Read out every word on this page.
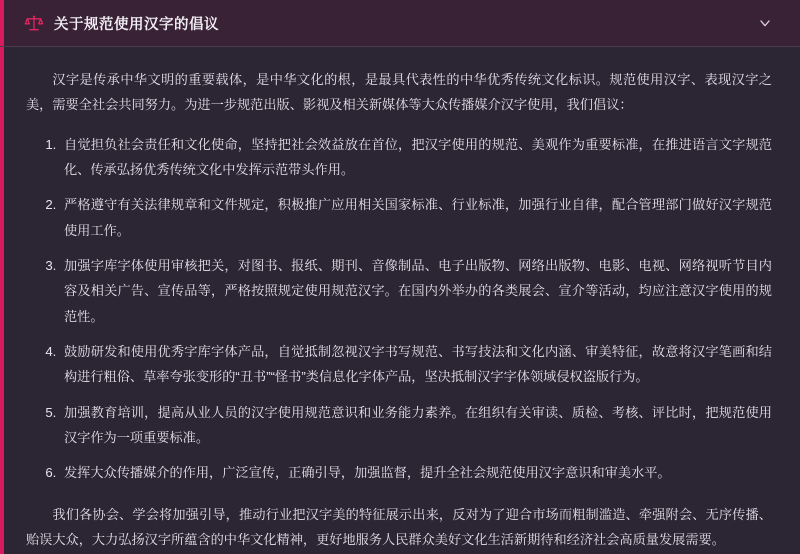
关于规范使用汉字的倡议

汉字是传承中华文明的重要载体，是中华文化的根，是最具代表性的中华优秀传统文化标识。规范使用汉字、表现汉字之美，需要全社会共同努力。为进一步规范出版、影视及相关新媒体等大众传播媒介汉字使用，我们倡议：

1. 自觉担负社会责任和文化使命，坚持把社会效益放在首位，把汉字使用的规范、美观作为重要标准，在推进语言文字规范化、传承弘扬优秀传统文化中发挥示范带头作用。
2. 严格遵守有关法律规章和文件规定，积极推广应用相关国家标准、行业标准，加强行业自律，配合管理部门做好汉字规范使用工作。
3. 加强字库字体使用审核把关，对图书、报纸、期刊、音像制品、电子出版物、网络出版物、电影、电视、网络视听节目内容及相关广告、宣传品等，严格按照规定使用规范汉字。在国内外举办的各类展会、宣介等活动，均应注意汉字使用的规范性。
4. 鼓励研发和使用优秀字库字体产品，自觉抵制忽视汉字书写规范、书写技法和文化内涵、审美特征，故意将汉字笔画和结构进行粗俗、草率夸张变形的“丑书”“怪书”类信息化字体产品，坚决抵制汉字字体领域侵权盗版行为。
5. 加强教育培训，提高从业人员的汉字使用规范意识和业务能力素养。在组织有关审读、质检、考核、评比时，把规范使用汉字作为一项重要标准。
6. 发挥大众传播媒介的作用，广泛宣传，正确引导，加强监督，提升全社会规范使用汉字意识和审美水平。

我们各协会、学会将加强引导，推动行业把汉字美的特征展示出来，反对为了迎合市场而粗制滥造、牵强附会、无序传播、贻误大众，大力弘扬汉字所蕴含的中华文化精神，更好地服务人民群众美好文化生活新期待和经济社会高质量发展需要。
